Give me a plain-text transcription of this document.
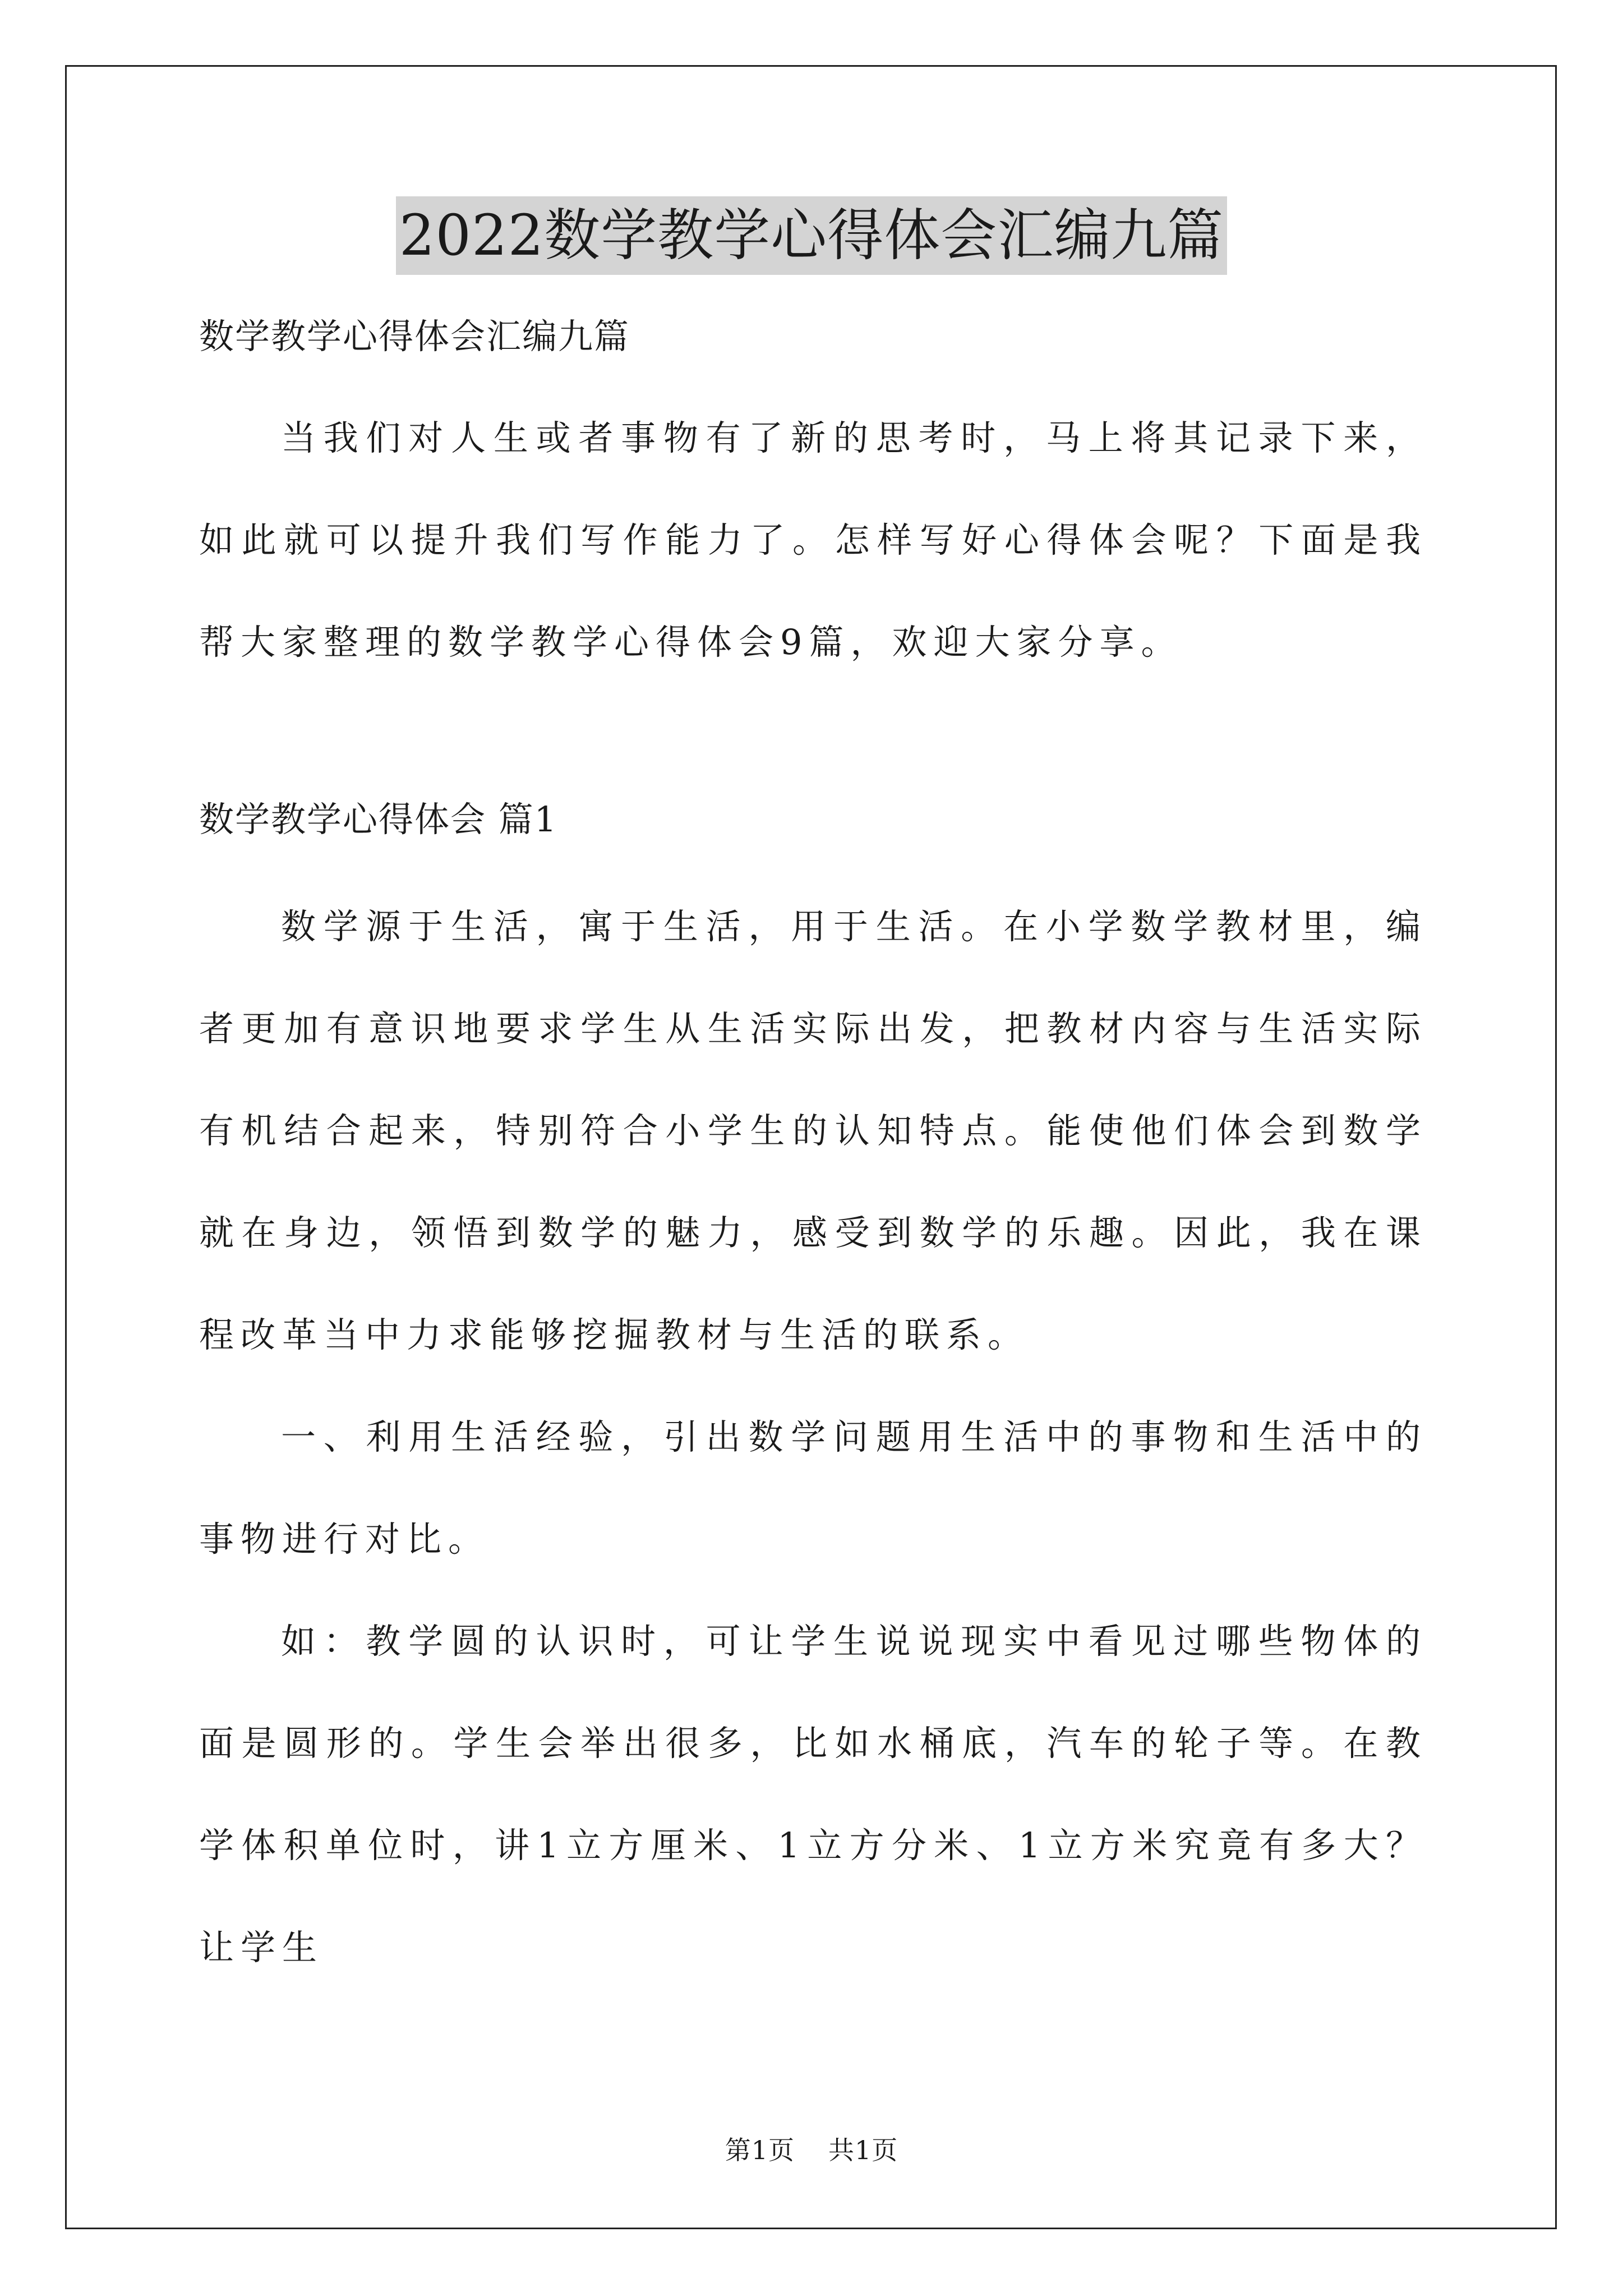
2022数学教学心得体会汇编九篇

数学教学心得体会汇编九篇

当我们对人生或者事物有了新的思考时，马上将其记录下来，如此就可以提升我们写作能力了。怎样写好心得体会呢？下面是我帮大家整理的数学教学心得体会9篇，欢迎大家分享。

数学教学心得体会 篇1

数学源于生活，寓于生活，用于生活。在小学数学教材里，编者更加有意识地要求学生从生活实际出发，把教材内容与生活实际有机结合起来，特别符合小学生的认知特点。能使他们体会到数学就在身边，领悟到数学的魅力，感受到数学的乐趣。因此，我在课程改革当中力求能够挖掘教材与生活的联系。

一、利用生活经验，引出数学问题用生活中的事物和生活中的事物进行对比。

如：教学圆的认识时，可让学生说说现实中看见过哪些物体的面是圆形的。学生会举出很多，比如水桶底，汽车的轮子等。在教学体积单位时，讲1立方厘米、1立方分米、1立方米究竟有多大？让学生

第1页 共1页
